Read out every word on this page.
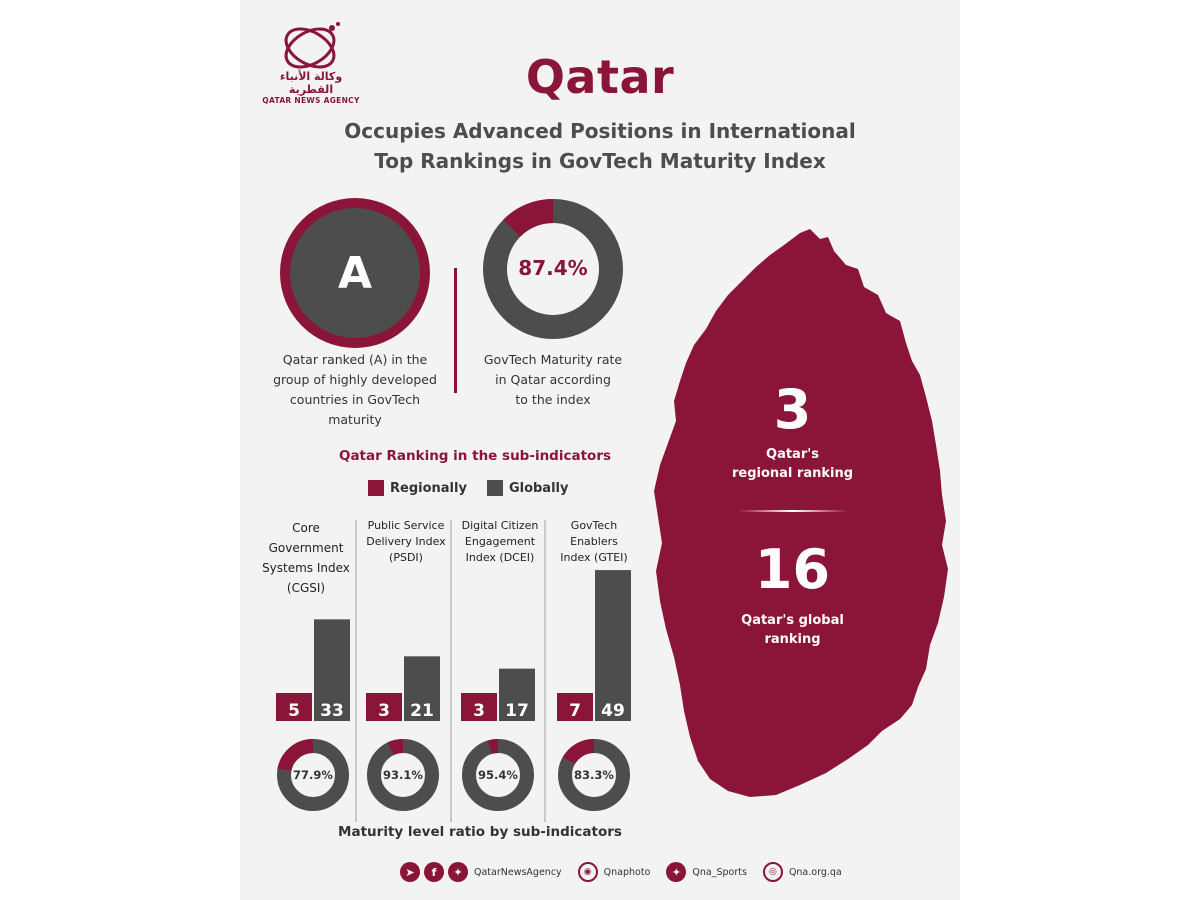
وكالة الأنباء القطرية
QATAR NEWS AGENCY	Qatar
Occupies Advanced Positions in International
Top Rankings in GovTech Maturity Index
A
Qatar ranked (A) in the
group of highly developed
countries in GovTech
maturity
87.4%
GovTech Maturity rate
in Qatar according
to the index
Qatar Ranking in the sub-indicators
Regionally	Globally
Core Government
Systems Index
(CGSI)
Public Service
Delivery Index
(PSDI)
Digital Citizen
Engagement
Index (DCEI)
GovTech
Enablers
Index (GTEI)
5 33
77.9%
3 21
93.1%
3 17
95.4%
7 49
83.3%
Maturity level ratio by sub-indicators
3
Qatar's
regional ranking
16
Qatar's global
ranking
➤	f	✦	QatarNewsAgency	◉	Qnaphoto	✦	Qna_Sports	◎	Qna.org.qa
